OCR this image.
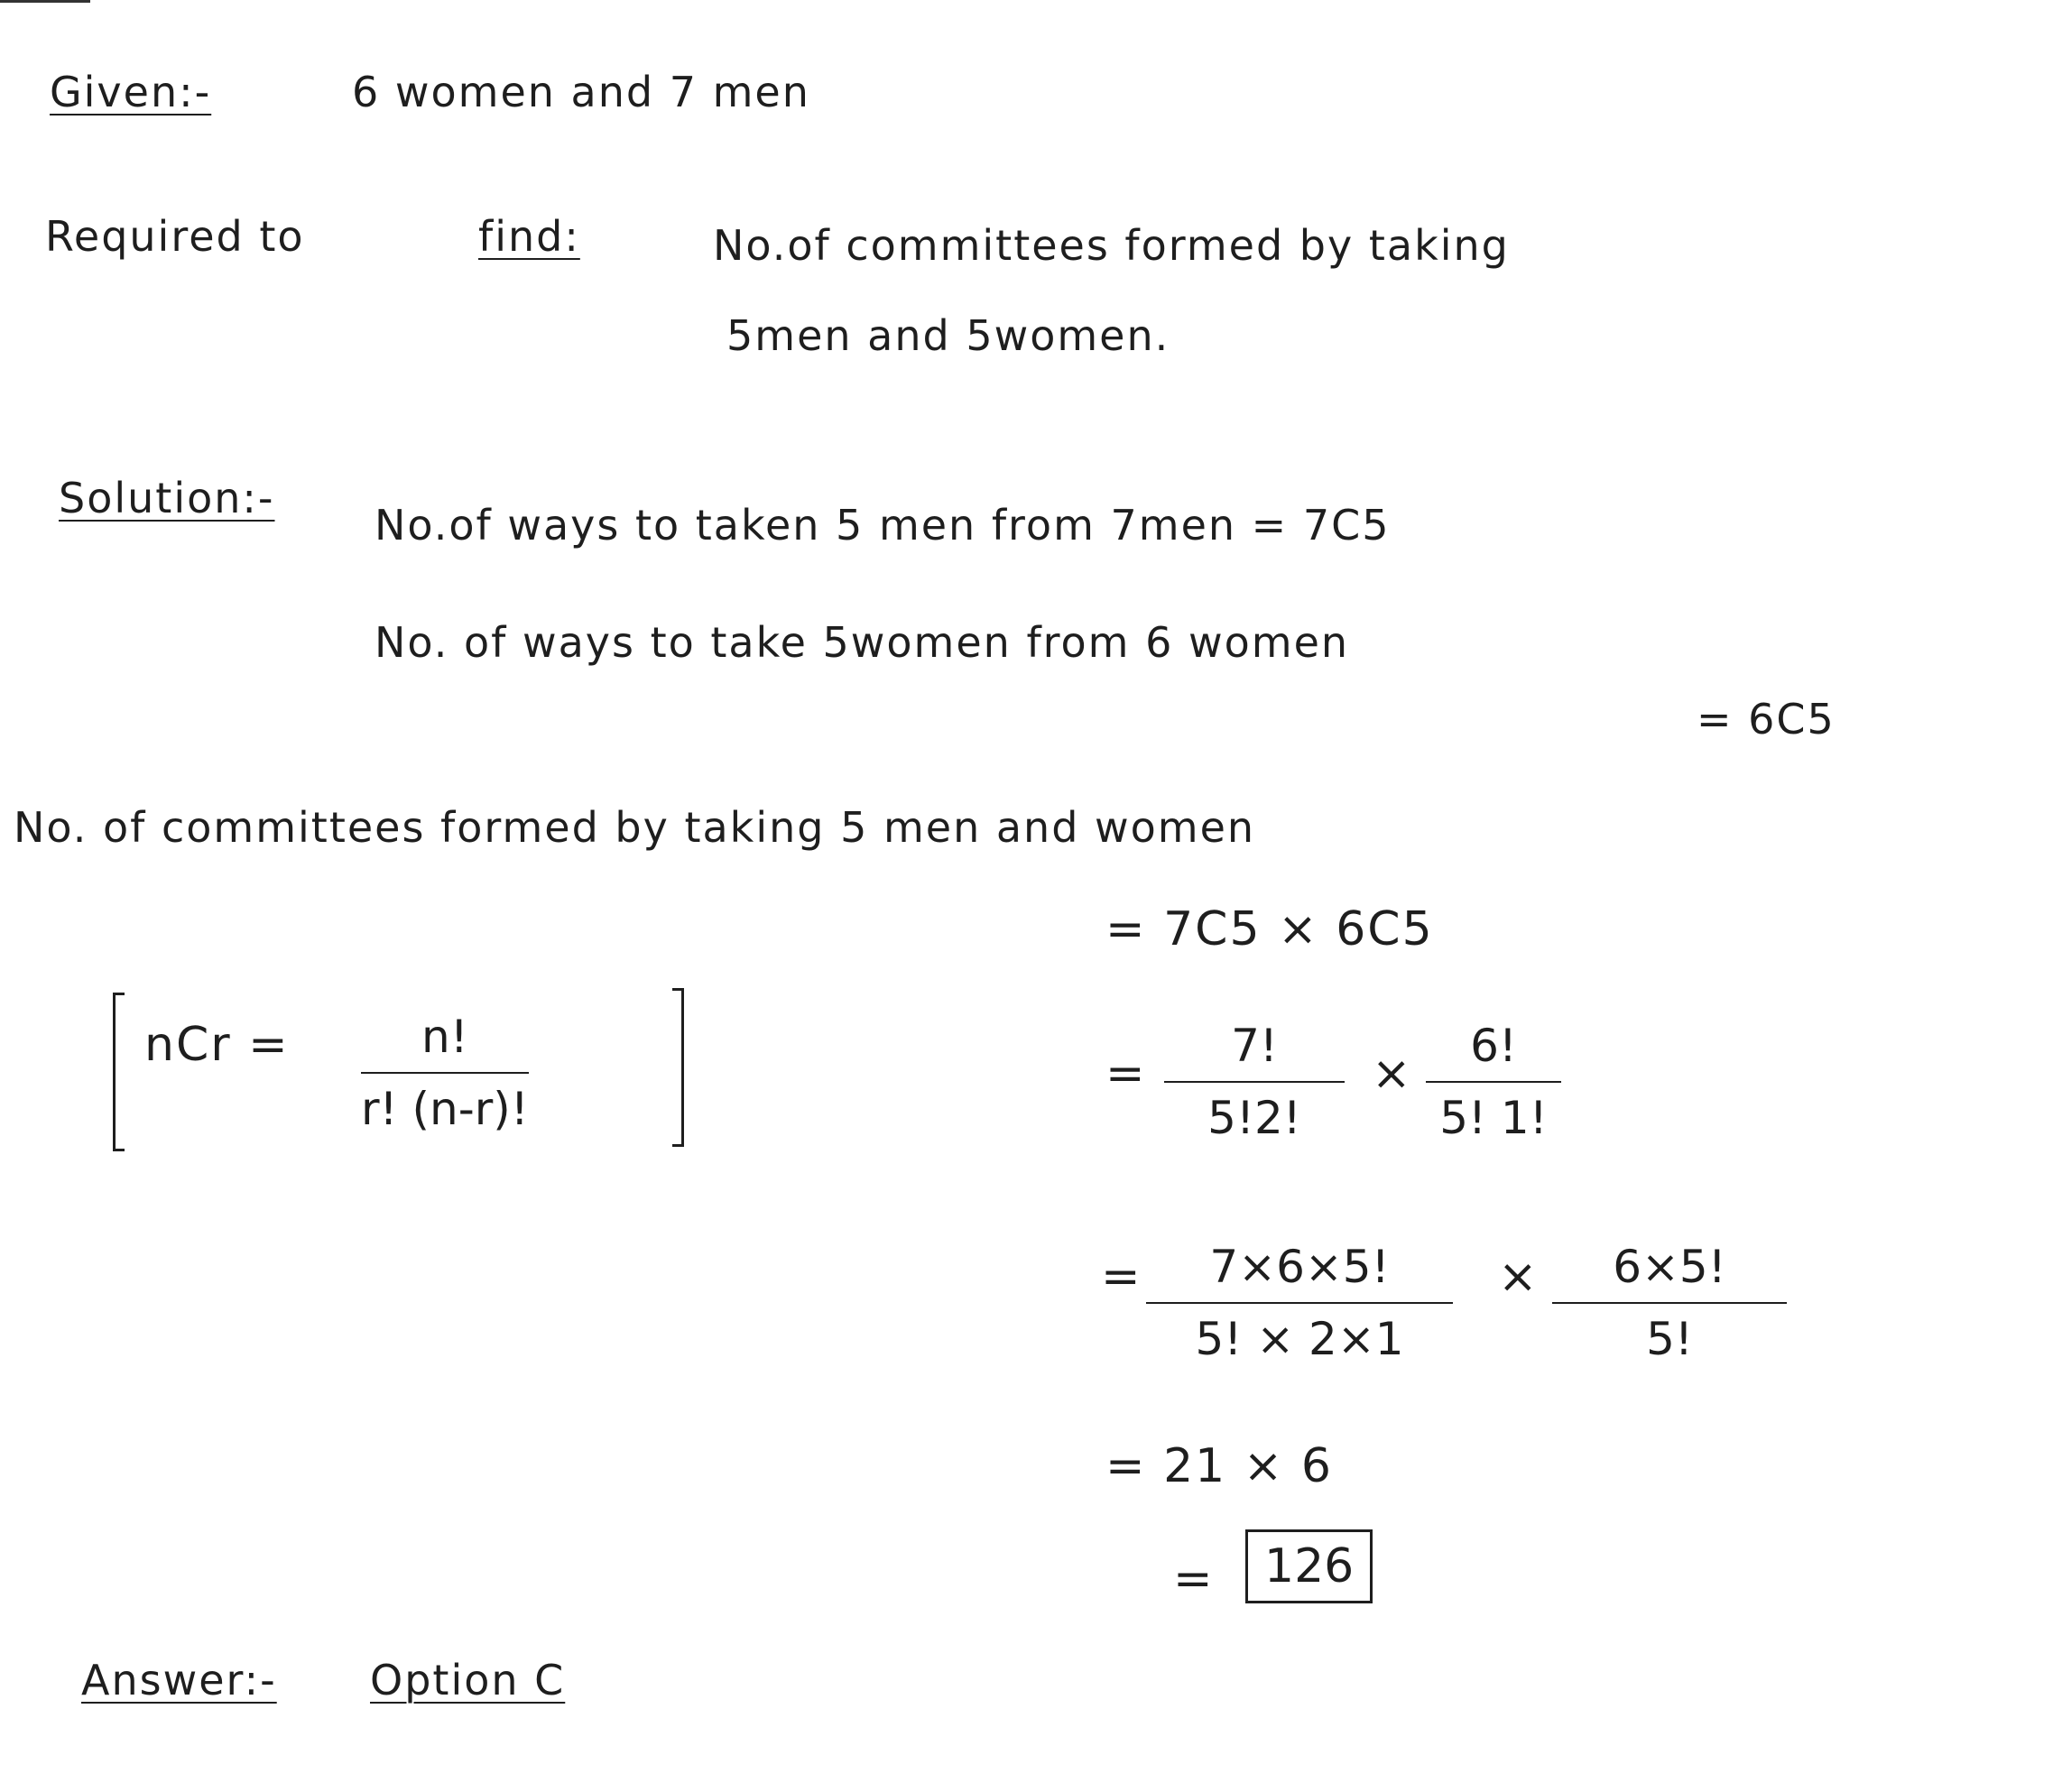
Given:-	6 women and 7 men
Required to	find:	No.of committees formed by taking
5men and 5women.
Solution:-
No.of ways to taken 5 men from 7men = 7C5
No. of ways to take 5women from 6 women
= 6C5
No. of committees formed by taking 5 men and women
nCr =	n!
r! (n-r)!
= 7C5 × 6C5
=
7!
5!2!
×
6!
5! 1!
=	7×6×5!
5! × 2×1
×	6×5!
5!
= 21 × 6
=	126
Answer:- Option C
